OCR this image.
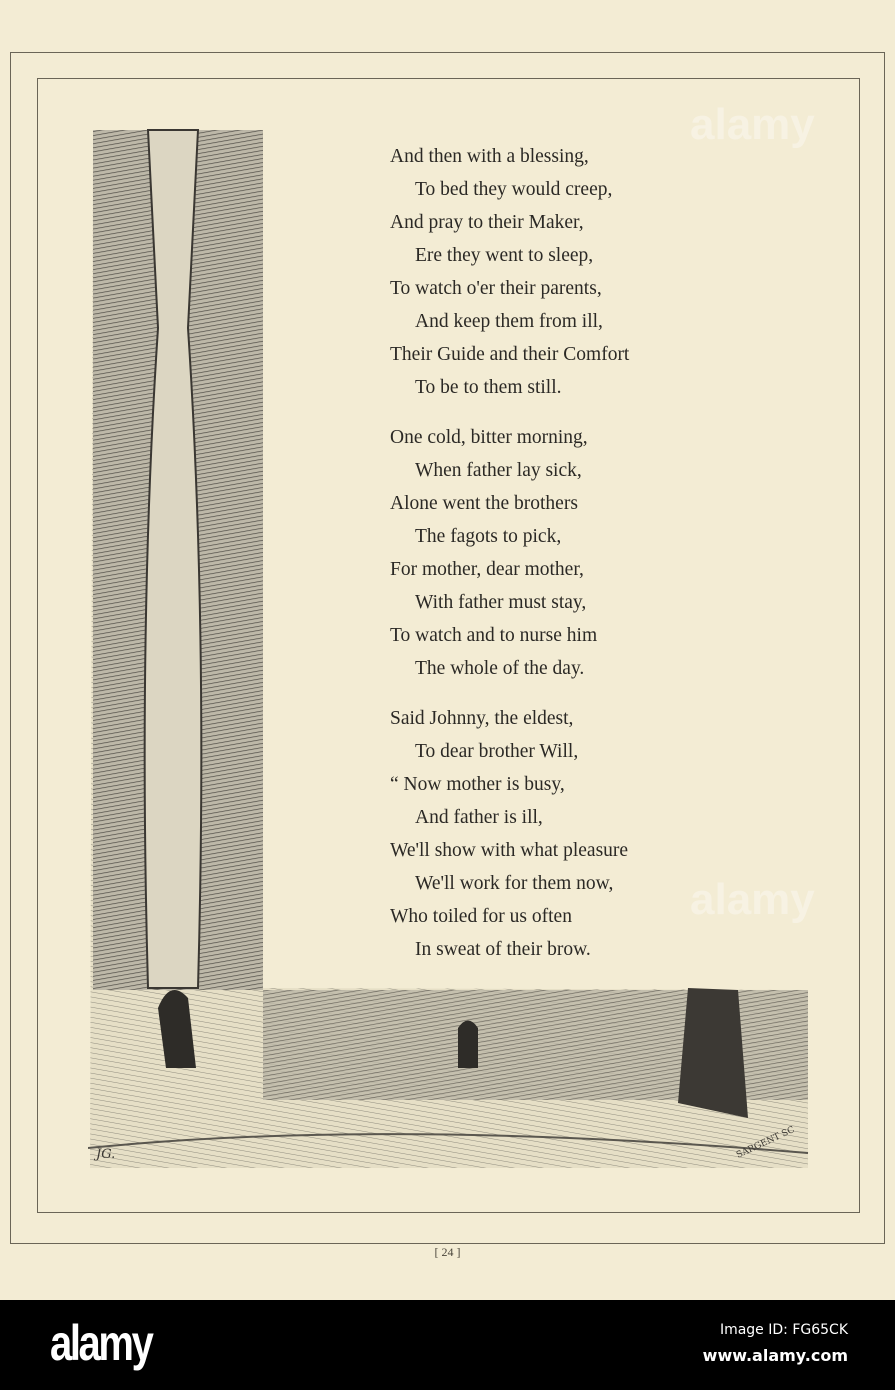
JG.	SARGENT SC
And then with a blessing,
To bed they would creep,
And pray to their Maker,
Ere they went to sleep,
To watch o'er their parents,
And keep them from ill,
Their Guide and their Comfort
To be to them still.
One cold, bitter morning,
When father lay sick,
Alone went the brothers
The fagots to pick,
For mother, dear mother,
With father must stay,
To watch and to nurse him
The whole of the day.
Said Johnny, the eldest,
To dear brother Will,
“ Now mother is busy,
And father is ill,
We'll show with what pleasure
We'll work for them now,
Who toiled for us often
In sweat of their brow.
[ 24 ]
alamy
alamy
alamy	Image ID: FG65CK
www.alamy.com
